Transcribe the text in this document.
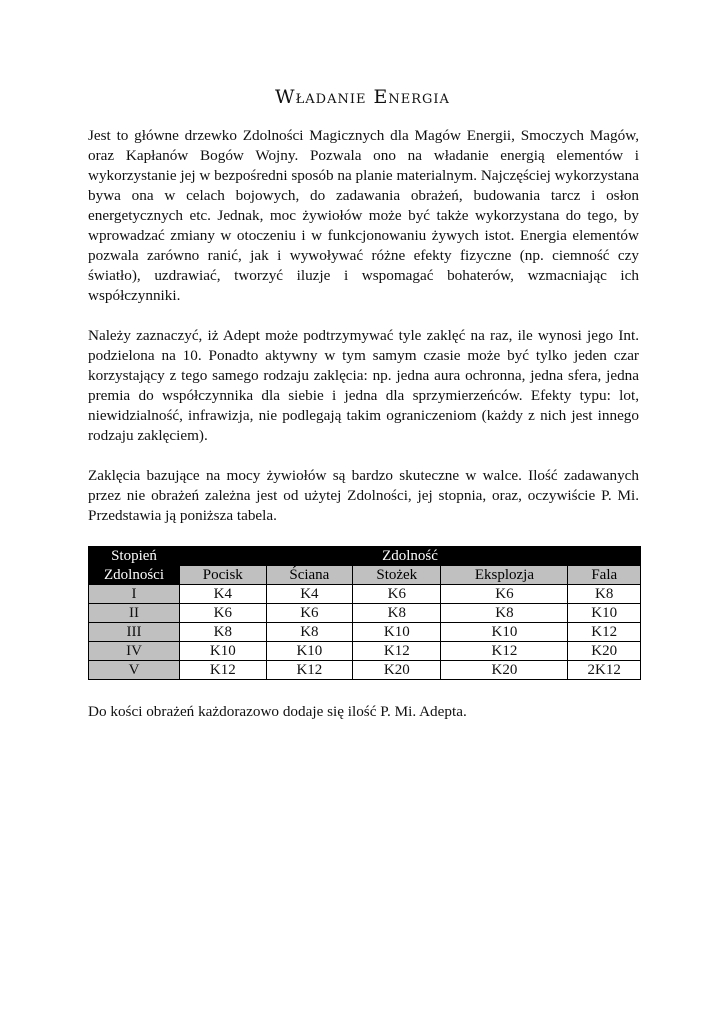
Władanie Energia

Jest to główne drzewko Zdolności Magicznych dla Magów Energii, Smoczych Magów, oraz Kapłanów Bogów Wojny. Pozwala ono na władanie energią elementów i wykorzystanie jej w bezpośredni sposób na planie materialnym. Najczęściej wykorzystana bywa ona w celach bojowych, do zadawania obrażeń, budowania tarcz i osłon energetycznych etc. Jednak, moc żywiołów może być także wykorzystana do tego, by wprowadzać zmiany w otoczeniu i w funkcjonowaniu żywych istot. Energia elementów pozwala zarówno ranić, jak i wywoływać różne efekty fizyczne (np. ciemność czy światło), uzdrawiać, tworzyć iluzje i wspomagać bohaterów, wzmacniając ich współczynniki.

Należy zaznaczyć, iż Adept może podtrzymywać tyle zaklęć na raz, ile wynosi jego Int. podzielona na 10. Ponadto aktywny w tym samym czasie może być tylko jeden czar korzystający z tego samego rodzaju zaklęcia: np. jedna aura ochronna, jedna sfera, jedna premia do współczynnika dla siebie i jedna dla sprzymierzeńców. Efekty typu: lot, niewidzialność, infrawizja, nie podlegają takim ograniczeniom (każdy z nich jest innego rodzaju zaklęciem).

Zaklęcia bazujące na mocy żywiołów są bardzo skuteczne w walce. Ilość zadawanych przez nie obrażeń zależna jest od użytej Zdolności, jej stopnia, oraz, oczywiście P. Mi. Przedstawia ją poniższa tabela.

Stopień	Zdolność				
Zdolności	Pocisk	Ściana	Stożek	Eksplozja	Fala
I	K4	K4	K6	K6	K8
II	K6	K6	K8	K8	K10
III	K8	K8	K10	K10	K12
IV	K10	K10	K12	K12	K20
V	K12	K12	K20	K20	2K12

Do kości obrażeń każdorazowo dodaje się ilość P. Mi. Adepta.
